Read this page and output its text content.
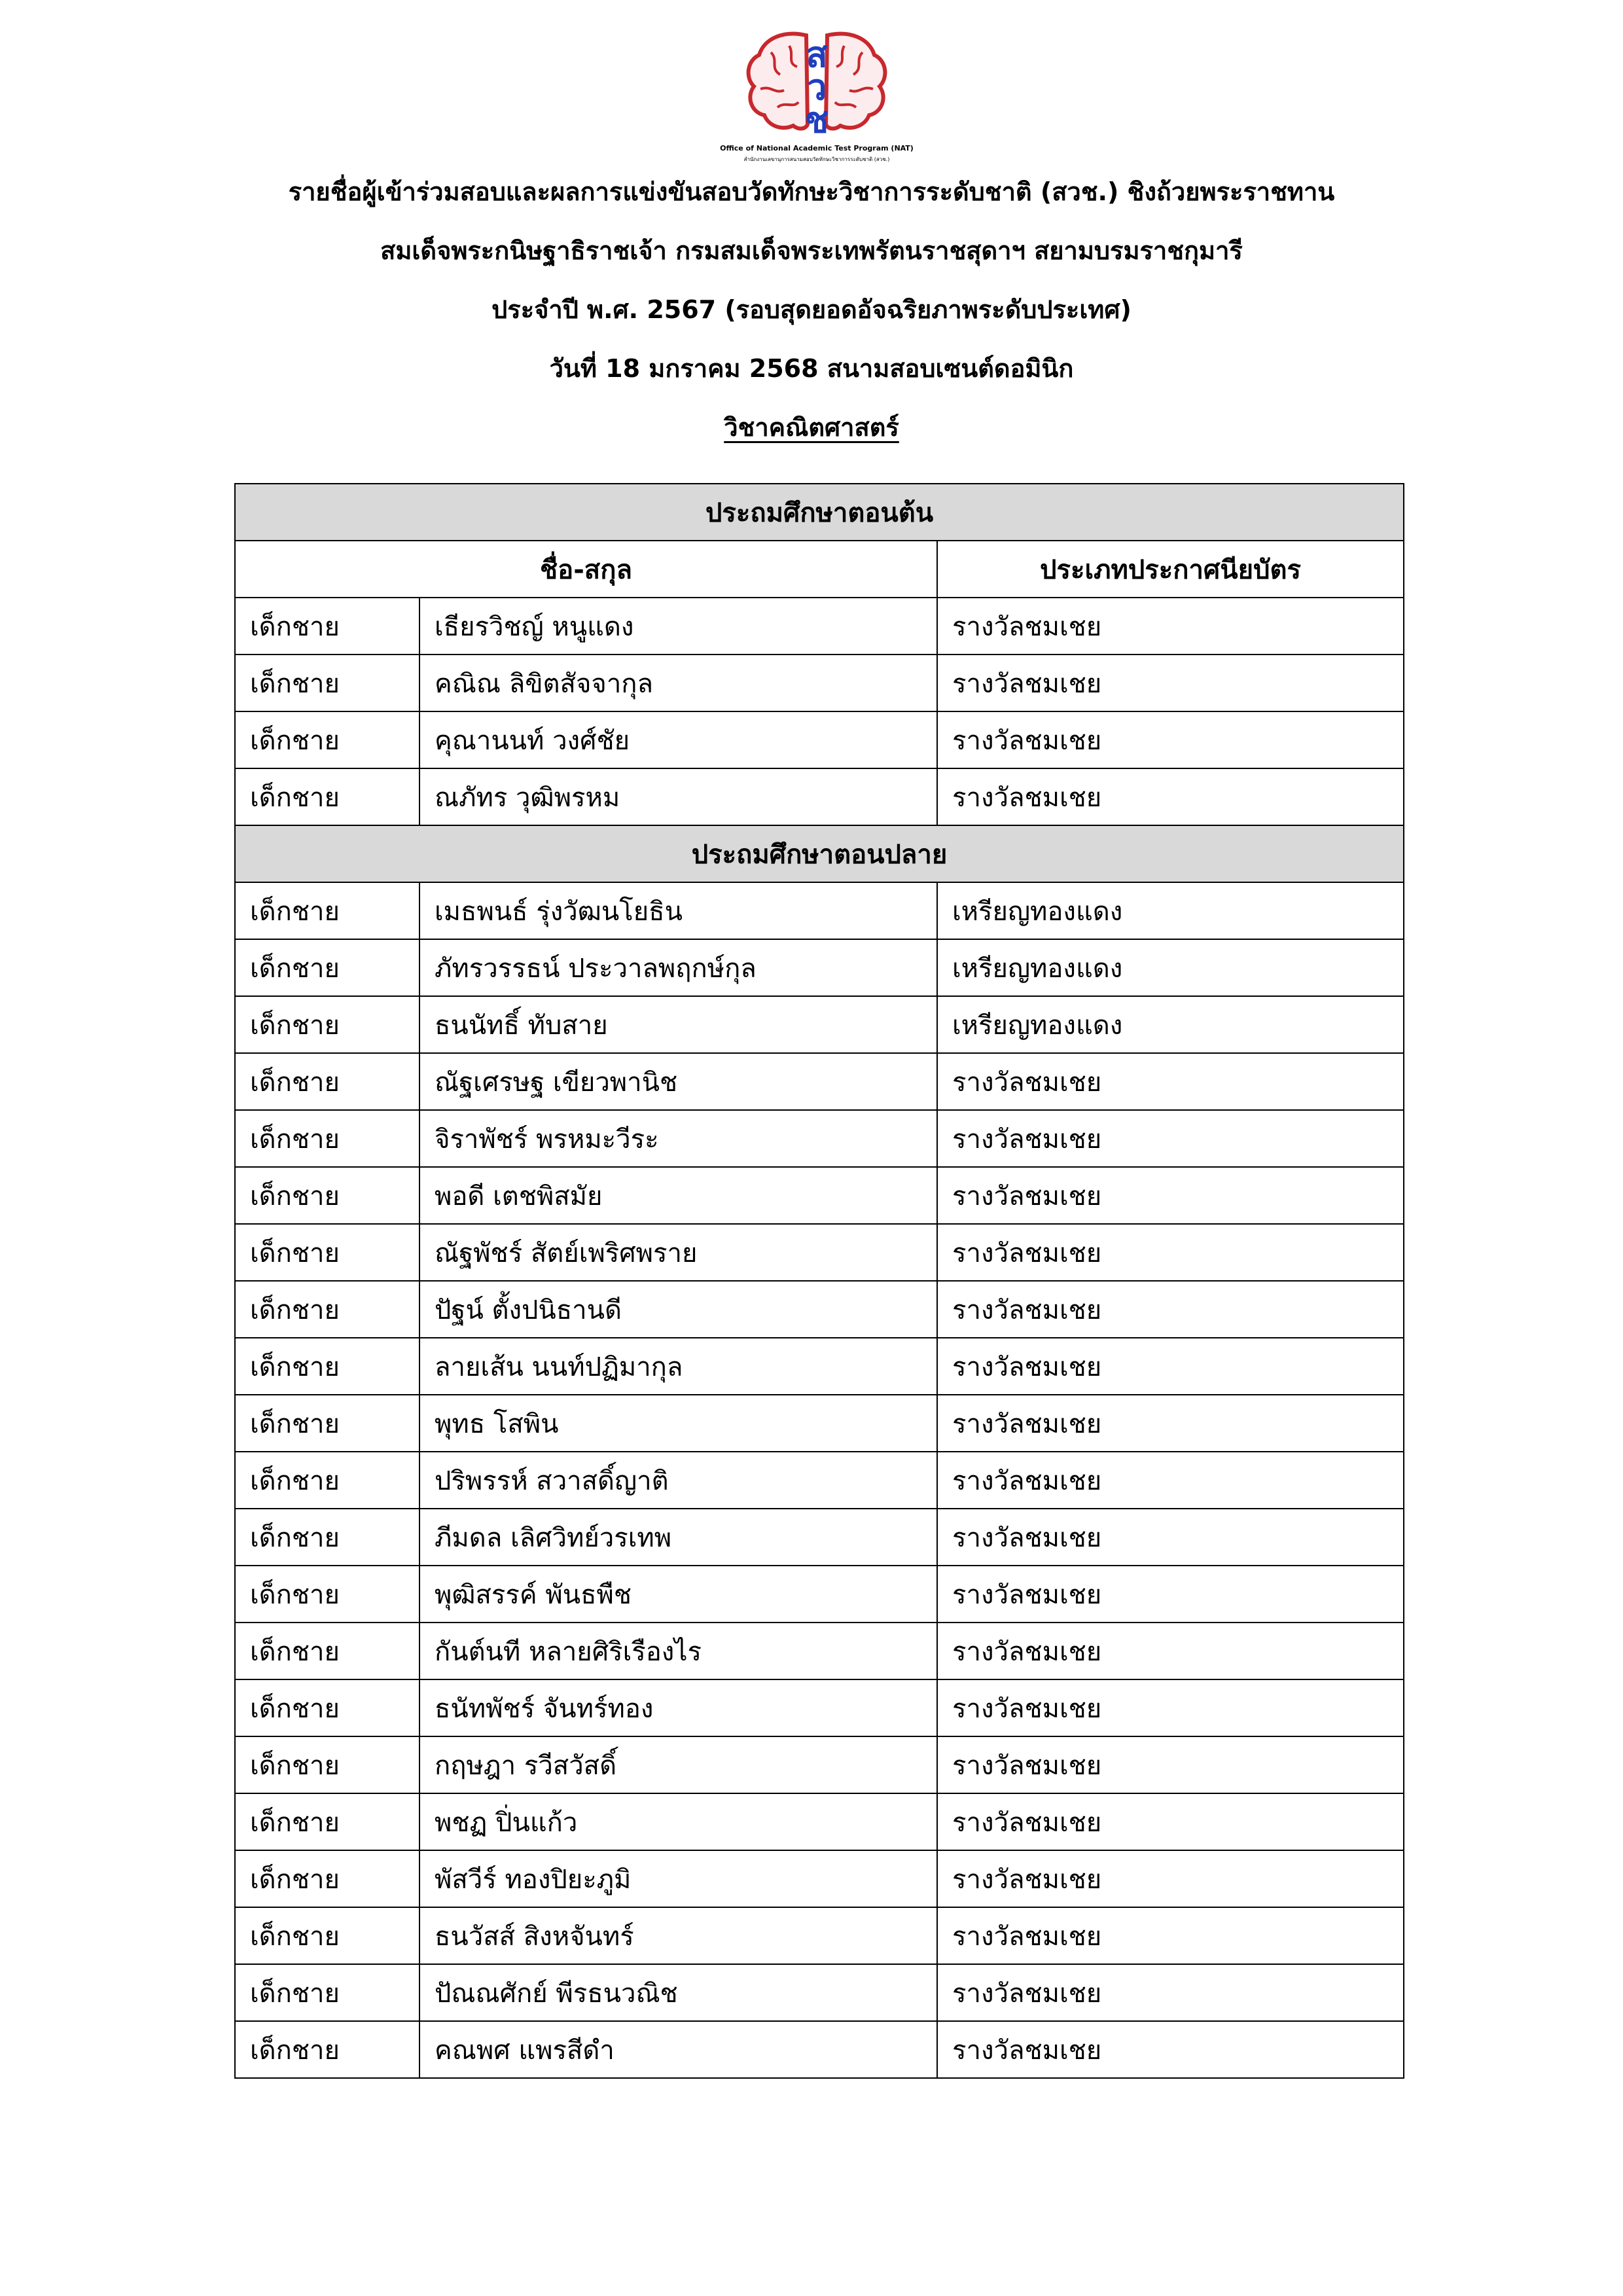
ส
ว
ช
Office of National Academic Test Program (NAT)
สำนักงานเลขานุการสนามสอบวัดทักษะวิชาการระดับชาติ (สวช.)
รายชื่อผู้เข้าร่วมสอบและผลการแข่งขันสอบวัดทักษะวิชาการระดับชาติ (สวช.) ชิงถ้วยพระราชทาน
สมเด็จพระกนิษฐาธิราชเจ้า กรมสมเด็จพระเทพรัตนราชสุดาฯ สยามบรมราชกุมารี
ประจำปี พ.ศ. 2567 (รอบสุดยอดอัจฉริยภาพระดับประเทศ)
วันที่ 18 มกราคม 2568 สนามสอบเซนต์ดอมินิก
วิชาคณิตศาสตร์
ประถมศึกษาตอนต้น		
ชื่อ-สกุล		ประเภทประกาศนียบัตร
เด็กชาย	เธียรวิชญ์ หนูแดง	รางวัลชมเชย
เด็กชาย	คณิณ ลิขิตสัจจากุล	รางวัลชมเชย
เด็กชาย	คุณานนท์ วงศ์ชัย	รางวัลชมเชย
เด็กชาย	ณภัทร วุฒิพรหม	รางวัลชมเชย
ประถมศึกษาตอนปลาย		
เด็กชาย	เมธพนธ์ รุ่งวัฒนโยธิน	เหรียญทองแดง
เด็กชาย	ภัทรวรรธน์ ประวาลพฤกษ์กุล	เหรียญทองแดง
เด็กชาย	ธนนัทธิ์ ทับสาย	เหรียญทองแดง
เด็กชาย	ณัฐเศรษฐ เขียวพานิช	รางวัลชมเชย
เด็กชาย	จิราพัชร์ พรหมะวีระ	รางวัลชมเชย
เด็กชาย	พอดี เตชพิสมัย	รางวัลชมเชย
เด็กชาย	ณัฐพัชร์ สัตย์เพริศพราย	รางวัลชมเชย
เด็กชาย	ปัฐน์ ตั้งปนิธานดี	รางวัลชมเชย
เด็กชาย	ลายเส้น นนท์ปฏิมากุล	รางวัลชมเชย
เด็กชาย	พุทธ โสพิน	รางวัลชมเชย
เด็กชาย	ปริพรรห์ สวาสดิ์ญาติ	รางวัลชมเชย
เด็กชาย	ภีมดล เลิศวิทย์วรเทพ	รางวัลชมเชย
เด็กชาย	พุฒิสรรค์ พันธพืช	รางวัลชมเชย
เด็กชาย	กันต์นที หลายศิริเรืองไร	รางวัลชมเชย
เด็กชาย	ธนัทพัชร์ จันทร์ทอง	รางวัลชมเชย
เด็กชาย	กฤษฎา รวีสวัสดิ์	รางวัลชมเชย
เด็กชาย	พชฏ ปิ่นแก้ว	รางวัลชมเชย
เด็กชาย	พัสวีร์ ทองปิยะภูมิ	รางวัลชมเชย
เด็กชาย	ธนวัสส์ สิงหจันทร์	รางวัลชมเชย
เด็กชาย	ปัณณศักย์ พีรธนวณิช	รางวัลชมเชย
เด็กชาย	คณพศ แพรสีดำ	รางวัลชมเชย
